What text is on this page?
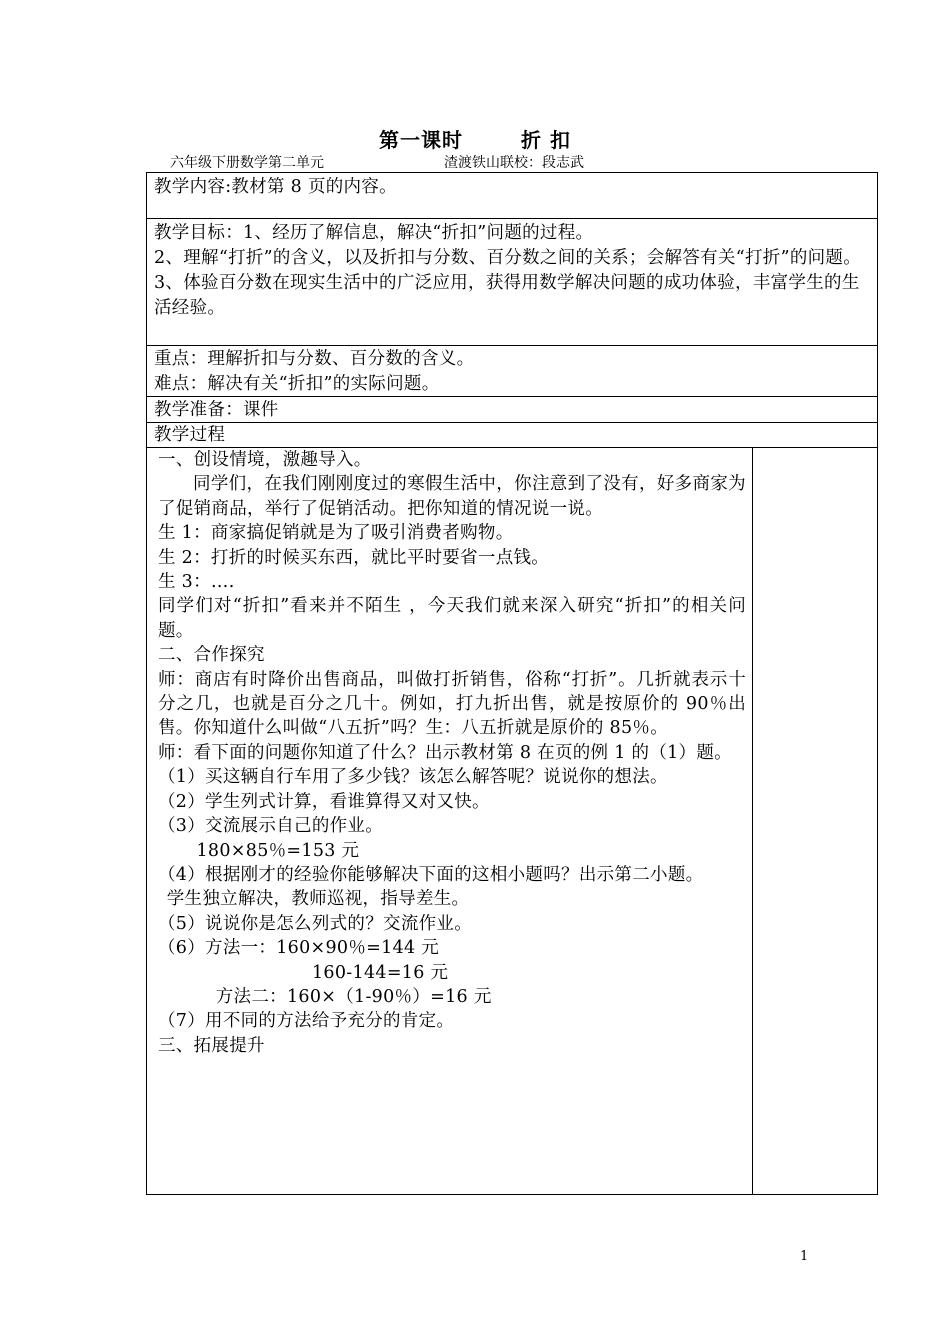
第一课时	折 扣
六年级下册数学第二单元	渣渡铁山联校：段志武
教学内容:教材第 8 页的内容。
教学目标：1、经历了解信息，解决“折扣”问题的过程。
2、理解“打折”的含义，以及折扣与分数、百分数之间的关系；会解答有关“打折”的问题。
3、体验百分数在现实生活中的广泛应用，获得用数学解决问题的成功体验，丰富学生的生活经验。
重点：理解折扣与分数、百分数的含义。
难点：解决有关“折扣”的实际问题。
教学准备：课件
教学过程

一、创设情境，激趣导入。

同学们，在我们刚刚度过的寒假生活中，你注意到了没有，好多商家为了促销商品，举行了促销活动。把你知道的情况说一说。

生 1：商家搞促销就是为了吸引消费者购物。

生 2：打折的时候买东西，就比平时要省一点钱。

生 3：….

同学们对“折扣”看来并不陌生 ，今天我们就来深入研究“折扣”的相关问题。

二、合作探究

师：商店有时降价出售商品，叫做打折销售，俗称“打折”。几折就表示十分之几，也就是百分之几十。例如，打九折出售，就是按原价的 90％出售。你知道什么叫做“八五折”吗？生：八五折就是原价的 85％。

师：看下面的问题你知道了什么？出示教材第 8 在页的例 1 的（1）题。

（1）买这辆自行车用了多少钱？该怎么解答呢？说说你的想法。

（2）学生列式计算，看谁算得又对又快。

（3）交流展示自己的作业。

180×85％=153 元

（4）根据刚才的经验你能够解决下面的这相小题吗？出示第二小题。

学生独立解决，教师巡视，指导差生。

（5）说说你是怎么列式的？交流作业。

（6）方法一：160×90％=144 元

160-144=16 元

方法二：160×（1-90％）=16 元

（7）用不同的方法给予充分的肯定。

三、拓展提升

1
